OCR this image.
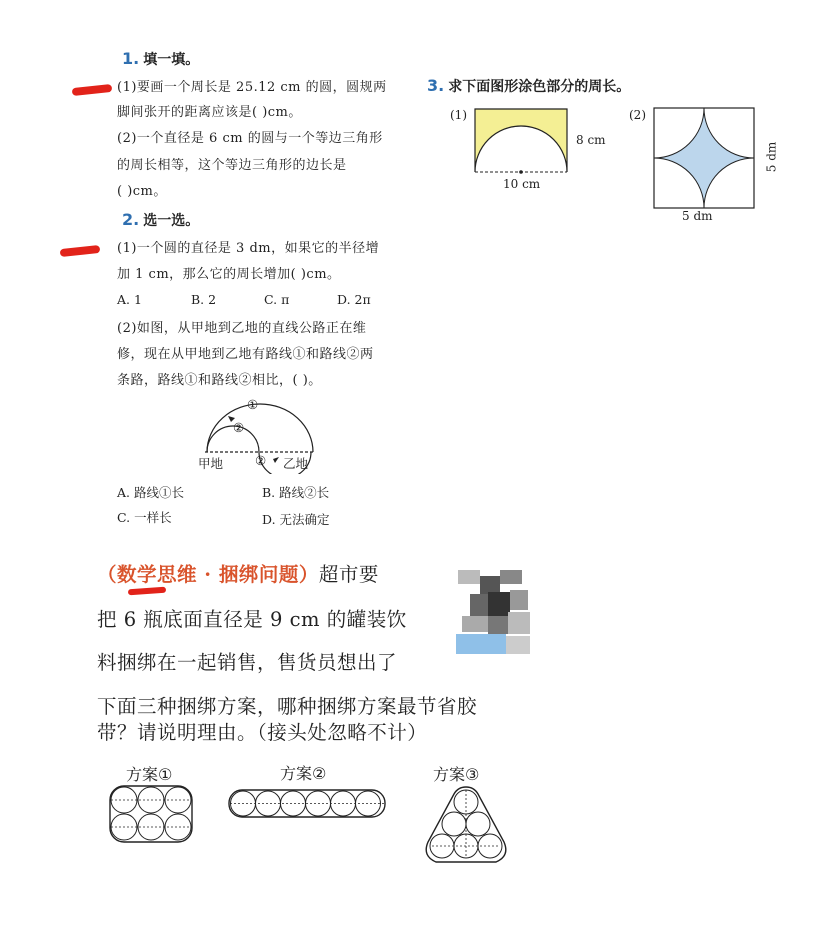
1. 填一填。
(1)要画一个周长是 25.12 cm 的圆，圆规两
脚间张开的距离应该是( )cm。
(2)一个直径是 6 cm 的圆与一个等边三角形
的周长相等，这个等边三角形的边长是
( )cm。
2. 选一选。
(1)一个圆的直径是 3 dm，如果它的半径增
加 1 cm，那么它的周长增加( )cm。
A. 1	B. 2	C. π	D. 2π
(2)如图，从甲地到乙地的直线公路正在维
修，现在从甲地到乙地有路线①和路线②两
条路，路线①和路线②相比，( )。
①
②
②
甲地	乙地
A. 路线①长	B. 路线②长
C. 一样长	D. 无法确定
3. 求下面图形涂色部分的周长。
(1)
8 cm
10 cm
(2)
5 dm
5 dm
（数学思维 · 捆绑问题）超市要
把 6 瓶底面直径是 9 cm 的罐装饮
料捆绑在一起销售，售货员想出了
下面三种捆绑方案，哪种捆绑方案最节省胶
带？请说明理由。（接头处忽略不计）
方案①	方案②	方案③
